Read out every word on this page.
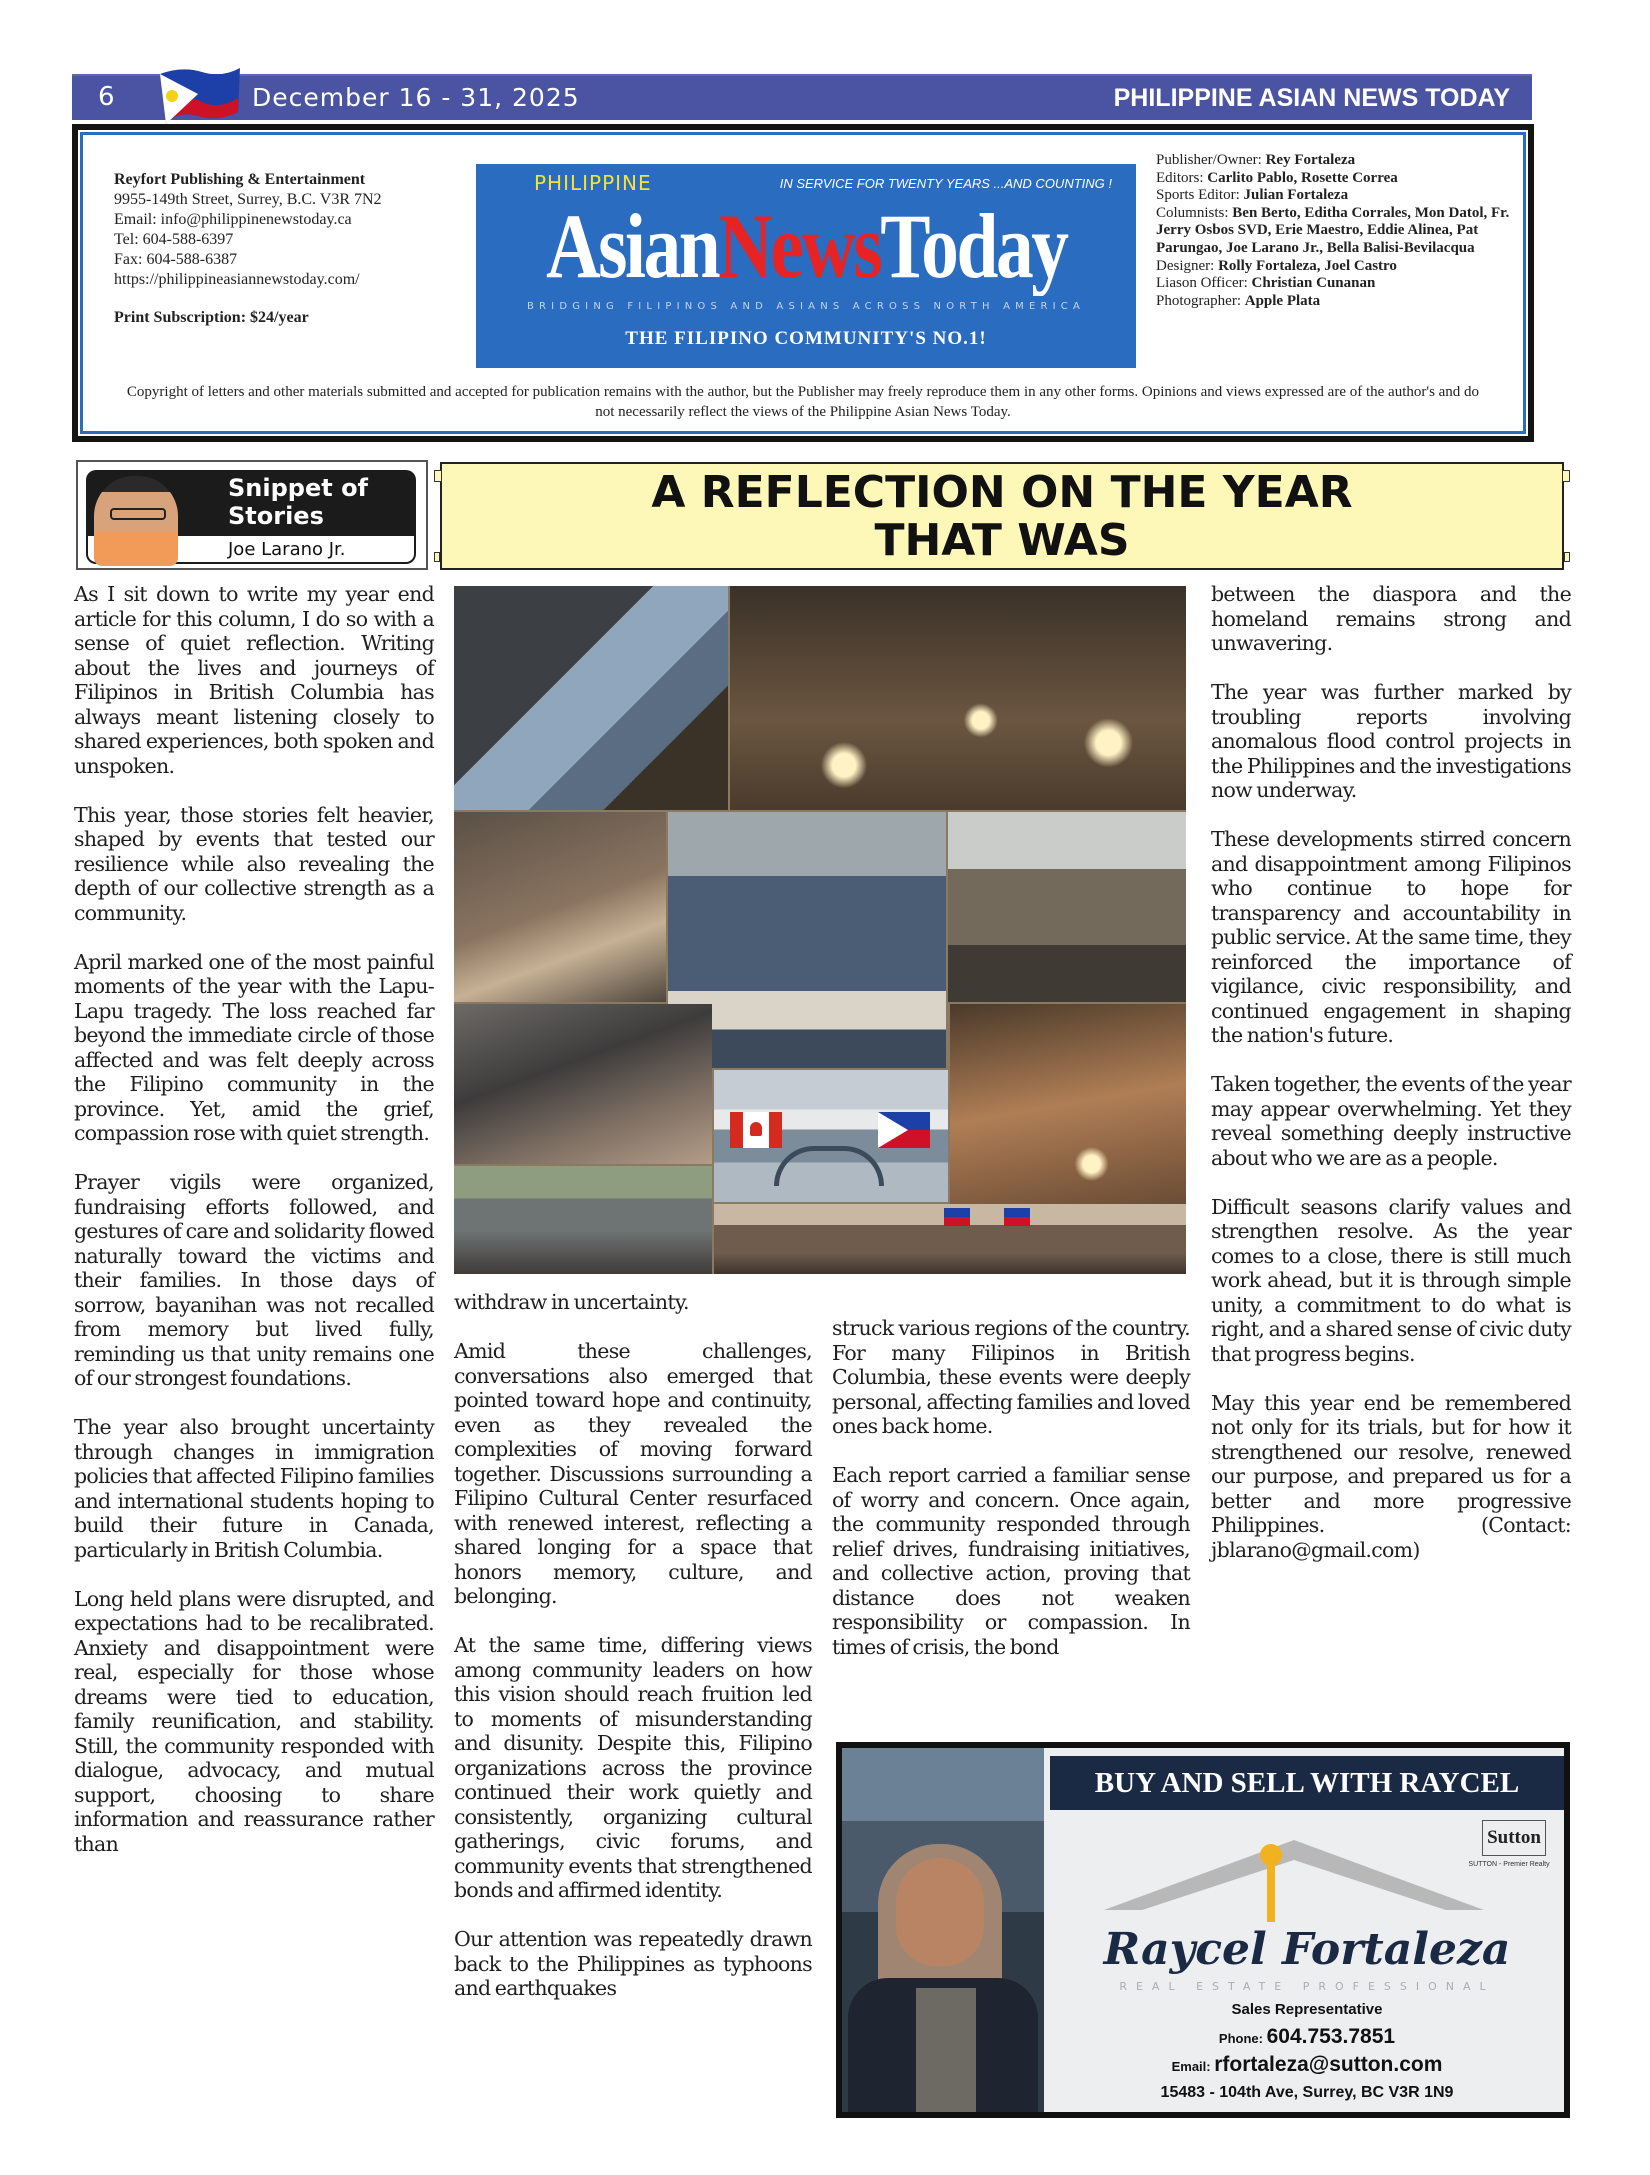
6	December 16 - 31, 2025	PHILIPPINE ASIAN NEWS TODAY
Reyfort Publishing & Entertainment
9955-149th Street, Surrey, B.C. V3R 7N2
Email: info@philippinenewstoday.ca
Tel: 604-588-6397
Fax: 604-588-6387
https://philippineasiannewstoday.com/
Print Subscription: $24/year
PHILIPPINE	IN SERVICE FOR TWENTY YEARS ...AND COUNTING !
AsianNewsToday
BRIDGING FILIPINOS AND ASIANS ACROSS NORTH AMERICA
THE FILIPINO COMMUNITY'S NO.1!
Publisher/Owner: Rey Fortaleza
Editors: Carlito Pablo, Rosette Correa
Sports Editor: Julian Fortaleza
Columnists: Ben Berto, Editha Corrales, Mon Datol, Fr. Jerry Osbos SVD, Erie Maestro, Eddie Alinea, Pat Parungao, Joe Larano Jr., Bella Balisi-Bevilacqua
Designer: Rolly Fortaleza, Joel Castro
Liason Officer: Christian Cunanan
Photographer: Apple Plata
Copyright of letters and other materials submitted and accepted for publication remains with the author, but the Publisher may freely reproduce them in any other forms. Opinions and views expressed are of the author's and do not necessarily reflect the views of the Philippine Asian News Today.
Snippet of
Stories
Joe Larano Jr.
A REFLECTION ON THE YEAR
THAT WAS

As I sit down to write my year end article for this column, I do so with a sense of quiet reflection. Writing about the lives and journeys of Filipinos in British Columbia has always meant listening closely to shared experiences, both spoken and unspoken.

This year, those stories felt heavier, shaped by events that tested our resilience while also revealing the depth of our collective strength as a community.

April marked one of the most painful moments of the year with the Lapu-Lapu tragedy. The loss reached far beyond the immediate circle of those affected and was felt deeply across the Filipino community in the province. Yet, amid the grief, compassion rose with quiet strength.

Prayer vigils were organized, fundraising efforts followed, and gestures of care and solidarity flowed naturally toward the victims and their families. In those days of sorrow, bayanihan was not recalled from memory but lived fully, reminding us that unity remains one of our strongest foundations.

The year also brought uncertainty through changes in immigration policies that affected Filipino families and international students hoping to build their future in Canada, particularly in British Columbia.

Long held plans were disrupted, and expectations had to be recalibrated. Anxiety and disappointment were real, especially for those whose dreams were tied to education, family reunification, and stability. Still, the community responded with dialogue, advocacy, and mutual support, choosing to share information and reassurance rather than

withdraw in uncertainty.

Amid these challenges, conversations also emerged that pointed toward hope and continuity, even as they revealed the complexities of moving forward together. Discussions surrounding a Filipino Cultural Center resurfaced with renewed interest, reflecting a shared longing for a space that honors memory, culture, and belonging.

At the same time, differing views among community leaders on how this vision should reach fruition led to moments of misunderstanding and disunity. Despite this, Filipino organizations across the province continued their work quietly and consistently, organizing cultural gatherings, civic forums, and community events that strengthened bonds and affirmed identity.

Our attention was repeatedly drawn back to the Philippines as typhoons and earthquakes

struck various regions of the country. For many Filipinos in British Columbia, these events were deeply personal, affecting families and loved ones back home.

Each report carried a familiar sense of worry and concern. Once again, the community responded through relief drives, fundraising initiatives, and collective action, proving that distance does not weaken responsibility or compassion. In times of crisis, the bond

between the diaspora and the homeland remains strong and unwavering.

The year was further marked by troubling reports involving anomalous flood control projects in the Philippines and the investigations now underway.

These developments stirred concern and disappointment among Filipinos who continue to hope for transparency and accountability in public service. At the same time, they reinforced the importance of vigilance, civic responsibility, and continued engagement in shaping the nation's future.

Taken together, the events of the year may appear overwhelming. Yet they reveal something deeply instructive about who we are as a people.

Difficult seasons clarify values and strengthen resolve. As the year comes to a close, there is still much work ahead, but it is through simple unity, a commitment to do what is right, and a shared sense of civic duty that progress begins.

May this year end be remembered not only for its trials, but for how it strengthened our resolve, renewed our purpose, and prepared us for a better and more progressive Philippines. (Contact: jblarano@gmail.com)

BUY AND SELL WITH RAYCEL
Sutton
SUTTON - Premier Realty
Raycel Fortaleza
REAL ESTATE PROFESSIONAL
Sales Representative
Phone: 604.753.7851
Email: rfortaleza@sutton.com
15483 - 104th Ave, Surrey, BC V3R 1N9
